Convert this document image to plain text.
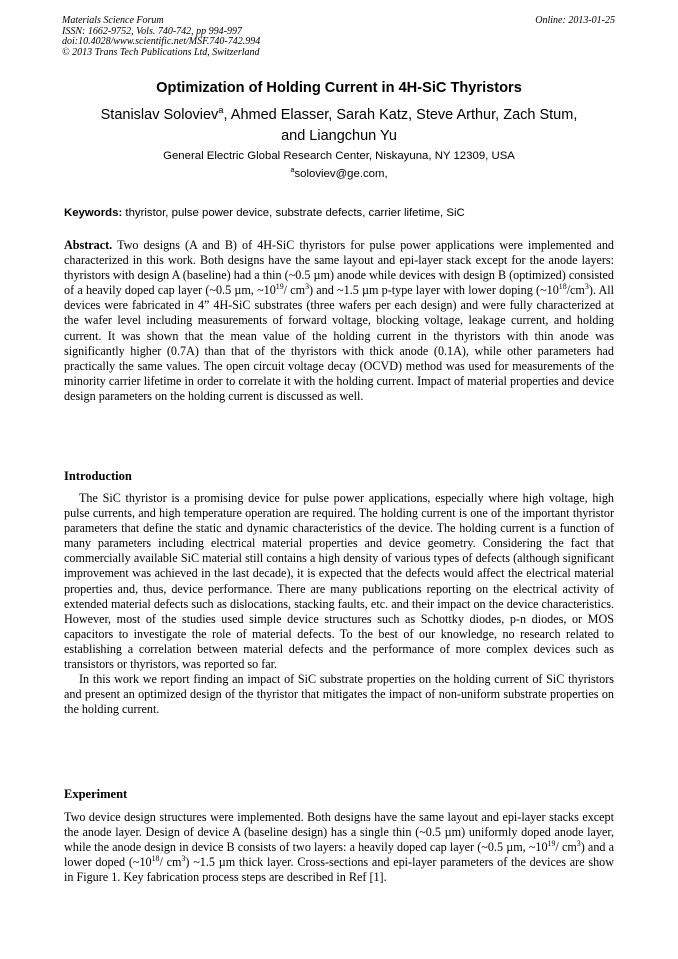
Materials Science Forum
ISSN: 1662-9752, Vols. 740-742, pp 994-997
doi:10.4028/www.scientific.net/MSF.740-742.994
© 2013 Trans Tech Publications Ltd, Switzerland
Online: 2013-01-25
Optimization of Holding Current in 4H-SiC Thyristors
Stanislav Soloviev$^a$, Ahmed Elasser, Sarah Katz, Steve Arthur, Zach Stum,
and Liangchun Yu
General Electric Global Research Center, Niskayuna, NY 12309, USA
$^a$soloviev@ge.com,
Keywords: thyristor, pulse power device, substrate defects, carrier lifetime, SiC
Abstract. Two designs (A and B) of 4H-SiC thyristors for pulse power applications were implemented and characterized in this work. Both designs have the same layout and epi-layer stack except for the anode layers: thyristors with design A (baseline) had a thin (~0.5 µm) anode while devices with design B (optimized) consisted of a heavily doped cap layer (~0.5 µm, $\sim 10^{19}/$ $cm^3$) and ~1.5 µm p-type layer with lower doping $(\sim 10^{18}/cm^3)$. All devices were fabricated in 4” 4H-SiC substrates (three wafers per each design) and were fully characterized at the wafer level including measurements of forward voltage, blocking voltage, leakage current, and holding current. It was shown that the mean value of the holding current in the thyristors with thin anode was significantly higher (0.7A) than that of the thyristors with thick anode (0.1A), while other parameters had practically the same values. The open circuit voltage decay (OCVD) method was used for measurements of the minority carrier lifetime in order to correlate it with the holding current. Impact of material properties and device design parameters on the holding current is discussed as well.
Introduction

The SiC thyristor is a promising device for pulse power applications, especially where high voltage, high pulse currents, and high temperature operation are required. The holding current is one of the important thyristor parameters that define the static and dynamic characteristics of the device. The holding current is a function of many parameters including electrical material properties and device geometry. Considering the fact that commercially available SiC material still contains a high density of various types of defects (although significant improvement was achieved in the last decade), it is expected that the defects would affect the electrical material properties and, thus, device performance. There are many publications reporting on the electrical activity of extended material defects such as dislocations, stacking faults, etc. and their impact on the device characteristics. However, most of the studies used simple device structures such as Schottky diodes, p-n diodes, or MOS capacitors to investigate the role of material defects. To the best of our knowledge, no research related to establishing a correlation between material defects and the performance of more complex devices such as transistors or thyristors, was reported so far.

In this work we report finding an impact of SiC substrate properties on the holding current of SiC thyristors and present an optimized design of the thyristor that mitigates the impact of non-uniform substrate properties on the holding current.

Experiment
Two device design structures were implemented. Both designs have the same layout and epi-layer stacks except the anode layer. Design of device A (baseline design) has a single thin (~0.5 µm) uniformly doped anode layer, while the anode design in device B consists of two layers: a heavily doped cap layer (~0.5 µm, $\sim 10^{19}/$ $cm^3$) and a lower doped ($\sim 10^{18}/$ $cm^3$) ~1.5 µm thick layer. Cross-sections and epi-layer parameters of the devices are show in Figure 1. Key fabrication process steps are described in Ref [1].
